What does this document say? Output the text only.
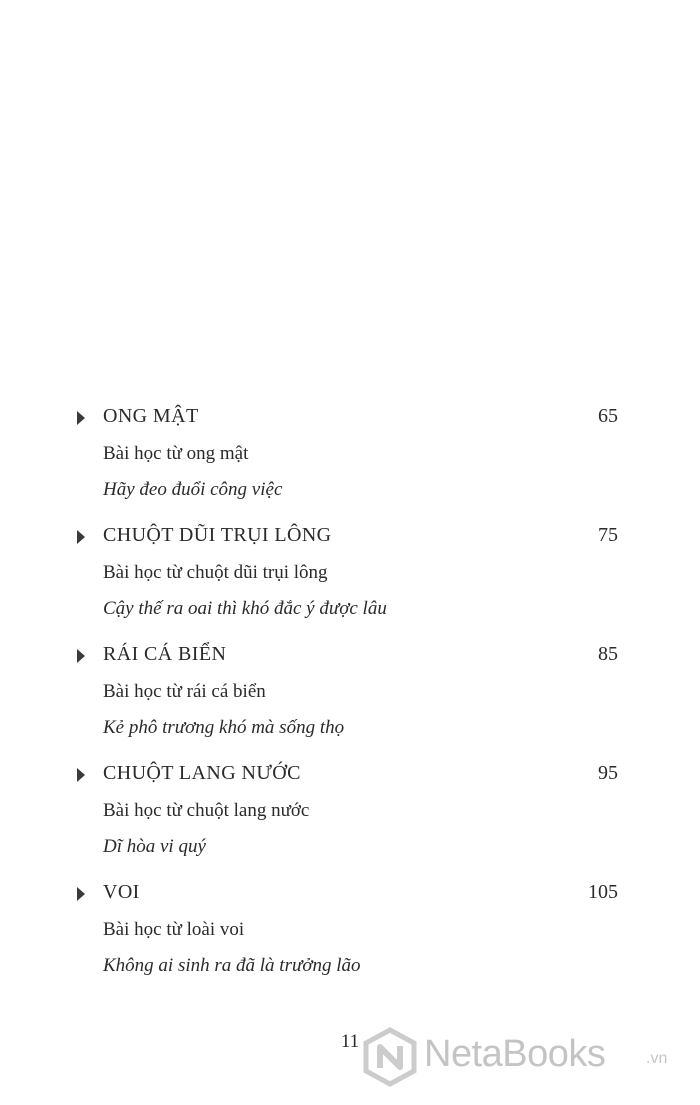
ONG MẬT	65
Bài học từ ong mật
Hãy đeo đuổi công việc
CHUỘT DŨI TRỤI LÔNG	75
Bài học từ chuột dũi trụi lông
Cậy thế ra oai thì khó đắc ý được lâu
RÁI CÁ BIỂN	85
Bài học từ rái cá biển
Kẻ phô trương khó mà sống thọ
CHUỘT LANG NƯỚC	95
Bài học từ chuột lang nước
Dĩ hòa vi quý
VOI	105
Bài học từ loài voi
Không ai sinh ra đã là trưởng lão
11	NetaBooks	.vn
